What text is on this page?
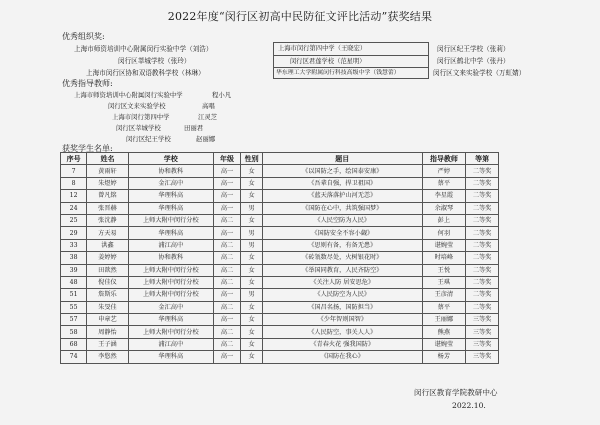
2022年度“闵行区初高中民防征文评比活动”获奖结果
优秀组织奖:
上海市师资培训中心附属闵行实验中学（刘浩）
闵行区莘城学校（张玲）
上海市闵行区协和双语教科学校（林琳）
上海市闵行第四中学（王晓宏）
闵行区君莲学校（范星明）
华东理工大学附属闵行科技高级中学（钱慧蕾）
闵行区纪王学校（张莉）
闵行区鹤北中学（张丹）
闵行区文来实验学校（万虹婧）
优秀指导教师:
上海市师资培训中心附属闵行实验中学	程小凡
闵行区文来实验学校	高唱
上海市闵行第四中学	江灵芝
闵行区莘城学校	田丽君
闵行区纪王学校	赵丽娜
获奖学生名单:
序号	姓名	学校	年级	性别	题目	指导教师	等第
7	黄雨轩	协和教科	高一	女	《以国防之手，绘国泰安康》	严婷	二等奖
8	朱煜婷	金汇高中	高一	女	《吾辈自强，捍卫祖国》	蔡平	二等奖
12	曾凡铭	华理科高	高一	女	《蓝天落落护山河无恙》	李星霞	二等奖
24	张晋赫	华理科高	高一	男	《国防在心中，共筑强国梦》	余淑琴	二等奖
25	张沈静	上师大附中闵行分校	高二	女	《人民空防为人民》	彭上	二等奖
29	方天易	华理科高	高一	男	《国防安全不容小觑》	何羽	二等奖
33	洪鑫	浦江高中	高二	男	《思则有备，有备无患》	谌婉莹	二等奖
38	姜婷婷	协和教科	高二	女	《砖瓴数尽处，火树银花时》	时培峰	二等奖
39	田歆然	上师大附中闵行分校	高二	女	《举国同教育，人民齐防空》	王悦	二等奖
48	倪佳仪	上师大附中闵行分校	高二	女	《关注人防 居安思危》	王琪	二等奖
51	詹斯乐	上师大附中闵行分校	高一	男	《人民防空为人民》	王彦清	二等奖
55	朱旻佳	金汇高中	高二	女	《国昌名扬，国防担当》	蔡平	二等奖
57	申章艺	华理科高	高一	女	《少年智则国智》	王丽娜	三等奖
58	周静怡	上师大附中闵行分校	高二	女	《人民防空，事关人人》	熊燕	三等奖
68	王子涵	浦江高中	高二	女	《青春火花 强我国防》	谌婉莹	三等奖
74	李悠然	华理科高	高一	女	《国防在我心》	杨芳	三等奖
闵行区教育学院教研中心
2022.10.
